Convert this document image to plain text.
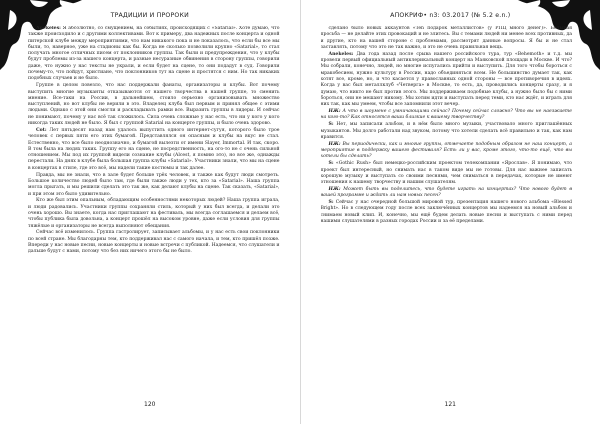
ТРАДИЦИИ И ПРОРОКИ

Anekeles: Я абсолютно, со смущением, на событиях, происходящих с «Satarial». Хоте думаю, что также происходило и с другими коллективами. Вот к примеру, два надежных после концерта и одной питерской клубе между мероприятиями, что нам никакого пока и не показалось, что если бы все мы были, то, наверное, уже на стадионы как бы. Когда не сколько позволили крупно «Satarial», то стал получать многое отличных писем от поклонников группы. Так были и предупреждения, что у клубы будут проблемы из-за нашего концерта, и разные несуразные обвинения в сторону группы, говорили даже, что нужно у нас тексты не украли, и если будет на сцене, то они подадут в суд. Говорили почему-то, что пойдут, христиане, что поклонников тут на сцене и простятся с ним. Но так никаких подобных случаев и не было.

Группе в целом повезло, что нас поддержали фанаты, организаторы и клубы. Вот почему выступить многие музыканты отказываются от нашего творчества в нашей группе, то сменить мнение. Все-таки на России, в дальнейшем, стоило серьезно организовывать множество выступлений, но вот клубы не верили в это. Владелец клуба был первым и принял общее с этими людьми. Однако с этой они смогли и раскладывать рамки все. Выразить группы в лидеры. И сейчас не понимают, почему у нас всё так сложилось. Сила очень сложные у нас есть, что ни у кого у кого никогда таких людей не было. Я был с группой Satarial на концерте группы, и было очень здорово.

Cot: Лет пятьдесят назад нам удалось выпустить одного интернет-сугуя, которого было трое человек с первых пяти его этих бумагой. Представлялся он опасным и клубы на вкус не стал. Естественно, что все было неоднозначно, и бумагой вылезти от имени Slayer, Immortal. И так, скоро. В том была на людях таких. Группу его на сцене, не посредственность, на ого-то не с очень сильной отношением. Мы под их группой видели сознание клубы (Alcest, я помню это), но все же, однажды перестали. На днях в клубе была большая группа клубы «Satarial». Участники знали, что мы на сцене в концертах в стиле, где это всё, мы надели такие костюмы и так далее.

Правда, мы не знали, что в зале будет больше трёх человек, и также как будут люди смотреть. Большое количество людей было там, где были также люди у тех, кто за «Satarial». Наша группа могла прыгать, и мы решили сделать это так же, как делают клубы на сцене. Так сказать, «Satarial», и при этом это было удивительно.

Кто же был этим опальным, обладающим особенностями некоторых людей? Наша группа играла, и люди радовались. Участники группы сохраняли стиль, который у них был всегда, и делали это очень хорошо. Вы знаете, когда нас приглашают на фестиваль, мы всегда соглашаемся и делаем всё, чтобы публика была довольна, а концерт прошёл на высоком уровне, даже если условия для группы тяжёлые и организаторы не всегда выполняют обещания.

Сейчас всё изменилось. Группа гастролирует, записывает альбомы, и у нас есть свои поклонники по всей стране. Мы благодарны тем, кто поддерживал нас с самого начала, и тем, кто пришёл позже. Впереди у нас новые песни, новые концерты и новые встречи с публикой. Надеемся, что слушатели и дальше будут с нами, потому что без них ничего этого бы не было.

120
АПОКРИФ• n3: 03.2017 (№ 5.2 e.n.)

сделано было новых аккаунтов «Ten подарок металлистов» (у РПЦ много денег)». Большая просьба — не делайте этих провокаций и не злитесь. Вы с темами людей ни менее всех противных, да и другие, кто на вашей стороне с проблемами, рассмотрят данные вопросы. Я бы и не стал заставлять, потому что это не так важно, и это не очень правильная вещь.

Anekeles: Два года назад после срыва нашего российского тура, тур «Behemoth» и т.д. мы провели первый официальный антиклерикальный концерт на Маяковской площади в Москве. И что? Мы собрали, конечно, людей, но многие испугались прийти и выступить. Для того чтобы бороться с мракобесием, нужно культуру в России, надо объединяться всем. Не большинство думает так, как хотят все, кроме, но, и что касается у православных одной стороны — все противоречия в идеях. Когда у вас был металлклуб «Четверга» в Москве, то есть, да, проводились концерты сразу, и я думаю, что никто не был против этого. Мы поддерживаем подобные клубы, а нужно было бы с ними бороться, они не мешают никому. Мы хотим идти и выступать перед теми, кто нас ждёт, и играть для них так, как мы умеем, чтобы все запомнили этот вечер.

НЖ: А что в шоумене с умничающими сейчас? Почему сейчас сложно? Что вы не наезжаете на кого-то? Как относятся ваши близкие к вашему творчеству?

S: Нет, мы записали альбом, и в нём было много музыки, участвовало много приглашённых музыкантов. Мы долго работали над звуком, потому что хотели сделать всё правильно и так, как нам нравится.

НЖ: Вы периодически, как и многие группы, отмечаете подобным образом не наш концерт, а мероприятие в поддержку вашего фестиваля? Есть ли у вас, кроме этого, что-то ещё, что вы хотели бы сделать?

S: «Gothic Rush» был немецко-российским проектом телекомпании «Ярослав». Я понимаю, что проект был интересный, но снимать нас в таком виде мы не готовы. Для нас важнее записать хорошую музыку и выступать со своими песнями, чем сниматься в передачах, которые не имеют отношения к нашему творчеству и нашим слушателям.

НЖ: Может быть вы поделитесь, что будете играть на концертах? Что нового будет в вашей программе и ждать ли нам новых песен?

S: Сейчас у нас очередной большой мировой тур, презентация нашего нового альбома «Blessed Bright». Но в следующем году после всех заключённых концертов мы надеемся на новый альбом и снимаем новый клип. И, конечно, мы ещё будем делать новые песни и выступать с ними перед нашими слушателями в разных городах России и за её пределами.

121
